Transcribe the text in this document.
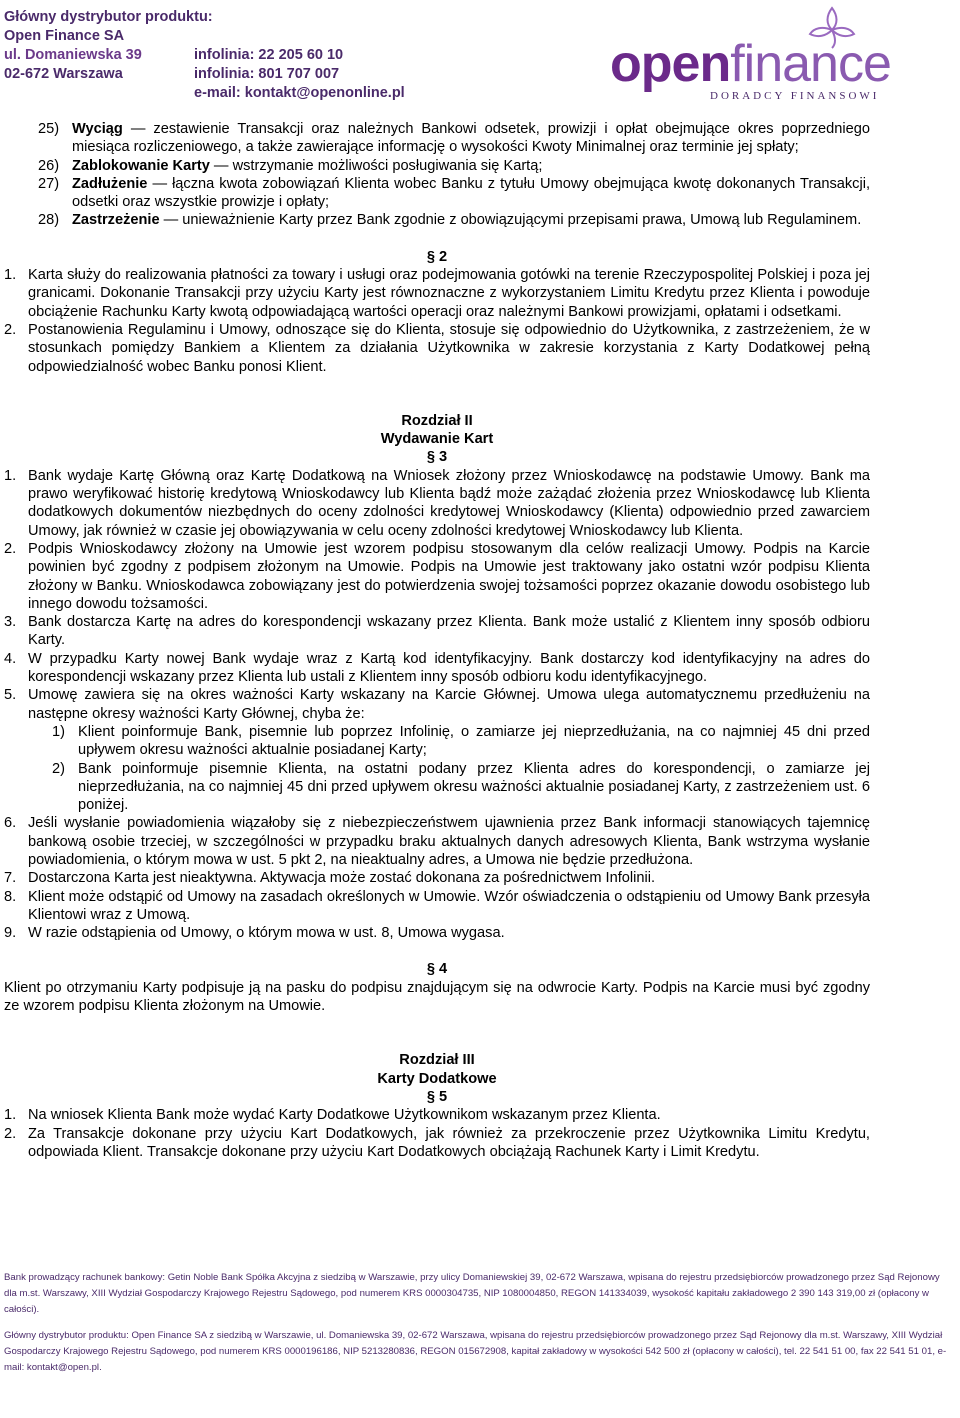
Główny dystrybutor produktu:
Open Finance SA
ul. Domaniewska 39
02-672 Warszawa
infolinia: 22 205 60 10
infolinia: 801 707 007
e-mail: kontakt@openonline.pl	openfinance
DORADCY FINANSOWI
25) Wyciąg — zestawienie Transakcji oraz należnych Bankowi odsetek, prowizji i opłat obejmujące okres poprzedniego miesiąca rozliczeniowego, a także zawierające informację o wysokości Kwoty Minimalnej oraz terminie jej spłaty;
26) Zablokowanie Karty — wstrzymanie możliwości posługiwania się Kartą;
27) Zadłużenie — łączna kwota zobowiązań Klienta wobec Banku z tytułu Umowy obejmująca kwotę dokonanych Transakcji, odsetki oraz wszystkie prowizje i opłaty;
28) Zastrzeżenie — unieważnienie Karty przez Bank zgodnie z obowiązującymi przepisami prawa, Umową lub Regulaminem.
§ 2
1. Karta służy do realizowania płatności za towary i usługi oraz podejmowania gotówki na terenie Rzeczypospolitej Polskiej i poza jej granicami. Dokonanie Transakcji przy użyciu Karty jest równoznaczne z wykorzystaniem Limitu Kredytu przez Klienta i powoduje obciążenie Rachunku Karty kwotą odpowiadającą wartości operacji oraz należnymi Bankowi prowizjami, opłatami i odsetkami.
2. Postanowienia Regulaminu i Umowy, odnoszące się do Klienta, stosuje się odpowiednio do Użytkownika, z zastrzeżeniem, że w stosunkach pomiędzy Bankiem a Klientem za działania Użytkownika w zakresie korzystania z Karty Dodatkowej pełną odpowiedzialność wobec Banku ponosi Klient.
Rozdział II
Wydawanie Kart
§ 3
1. Bank wydaje Kartę Główną oraz Kartę Dodatkową na Wniosek złożony przez Wnioskodawcę na podstawie Umowy. Bank ma prawo weryfikować historię kredytową Wnioskodawcy lub Klienta bądź może zażądać złożenia przez Wnioskodawcę lub Klienta dodatkowych dokumentów niezbędnych do oceny zdolności kredytowej Wnioskodawcy (Klienta) odpowiednio przed zawarciem Umowy, jak również w czasie jej obowiązywania w celu oceny zdolności kredytowej Wnioskodawcy lub Klienta.
2. Podpis Wnioskodawcy złożony na Umowie jest wzorem podpisu stosowanym dla celów realizacji Umowy. Podpis na Karcie powinien być zgodny z podpisem złożonym na Umowie. Podpis na Umowie jest traktowany jako ostatni wzór podpisu Klienta złożony w Banku. Wnioskodawca zobowiązany jest do potwierdzenia swojej tożsamości poprzez okazanie dowodu osobistego lub innego dowodu tożsamości.
3. Bank dostarcza Kartę na adres do korespondencji wskazany przez Klienta. Bank może ustalić z Klientem inny sposób odbioru Karty.
4. W przypadku Karty nowej Bank wydaje wraz z Kartą kod identyfikacyjny. Bank dostarczy kod identyfikacyjny na adres do korespondencji wskazany przez Klienta lub ustali z Klientem inny sposób odbioru kodu identyfikacyjnego.
5. Umowę zawiera się na okres ważności Karty wskazany na Karcie Głównej. Umowa ulega automatycznemu przedłużeniu na następne okresy ważności Karty Głównej, chyba że:
1) Klient poinformuje Bank, pisemnie lub poprzez Infolinię, o zamiarze jej nieprzedłużania, na co najmniej 45 dni przed upływem okresu ważności aktualnie posiadanej Karty;
2) Bank poinformuje pisemnie Klienta, na ostatni podany przez Klienta adres do korespondencji, o zamiarze jej nieprzedłużania, na co najmniej 45 dni przed upływem okresu ważności aktualnie posiadanej Karty, z zastrzeżeniem ust. 6 poniżej.
6. Jeśli wysłanie powiadomienia wiązałoby się z niebezpieczeństwem ujawnienia przez Bank informacji stanowiących tajemnicę bankową osobie trzeciej, w szczególności w przypadku braku aktualnych danych adresowych Klienta, Bank wstrzyma wysłanie powiadomienia, o którym mowa w ust. 5 pkt 2, na nieaktualny adres, a Umowa nie będzie przedłużona.
7. Dostarczona Karta jest nieaktywna. Aktywacja może zostać dokonana za pośrednictwem Infolinii.
8. Klient może odstąpić od Umowy na zasadach określonych w Umowie. Wzór oświadczenia o odstąpieniu od Umowy Bank przesyła Klientowi wraz z Umową.
9. W razie odstąpienia od Umowy, o którym mowa w ust. 8, Umowa wygasa.
§ 4
Klient po otrzymaniu Karty podpisuje ją na pasku do podpisu znajdującym się na odwrocie Karty. Podpis na Karcie musi być zgodny ze wzorem podpisu Klienta złożonym na Umowie.
Rozdział III
Karty Dodatkowe
§ 5
1. Na wniosek Klienta Bank może wydać Karty Dodatkowe Użytkownikom wskazanym przez Klienta.
2. Za Transakcje dokonane przy użyciu Kart Dodatkowych, jak również za przekroczenie przez Użytkownika Limitu Kredytu, odpowiada Klient. Transakcje dokonane przy użyciu Kart Dodatkowych obciążają Rachunek Karty i Limit Kredytu.
Bank prowadzący rachunek bankowy: Getin Noble Bank Spółka Akcyjna z siedzibą w Warszawie, przy ulicy Domaniewskiej 39, 02-672 Warszawa, wpisana do rejestru przedsiębiorców prowadzonego przez Sąd Rejonowy dla m.st. Warszawy, XIII Wydział Gospodarczy Krajowego Rejestru Sądowego, pod numerem KRS 0000304735, NIP 1080004850, REGON 141334039, wysokość kapitału zakładowego 2 390 143 319,00 zł (opłacony w całości).
Główny dystrybutor produktu: Open Finance SA z siedzibą w Warszawie, ul. Domaniewska 39, 02-672 Warszawa, wpisana do rejestru przedsiębiorców prowadzonego przez Sąd Rejonowy dla m.st. Warszawy, XIII Wydział Gospodarczy Krajowego Rejestru Sądowego, pod numerem KRS 0000196186, NIP 5213280836, REGON 015672908, kapitał zakładowy w wysokości 542 500 zł (opłacony w całości), tel. 22 541 51 00, fax 22 541 51 01, e-mail: kontakt@open.pl.
